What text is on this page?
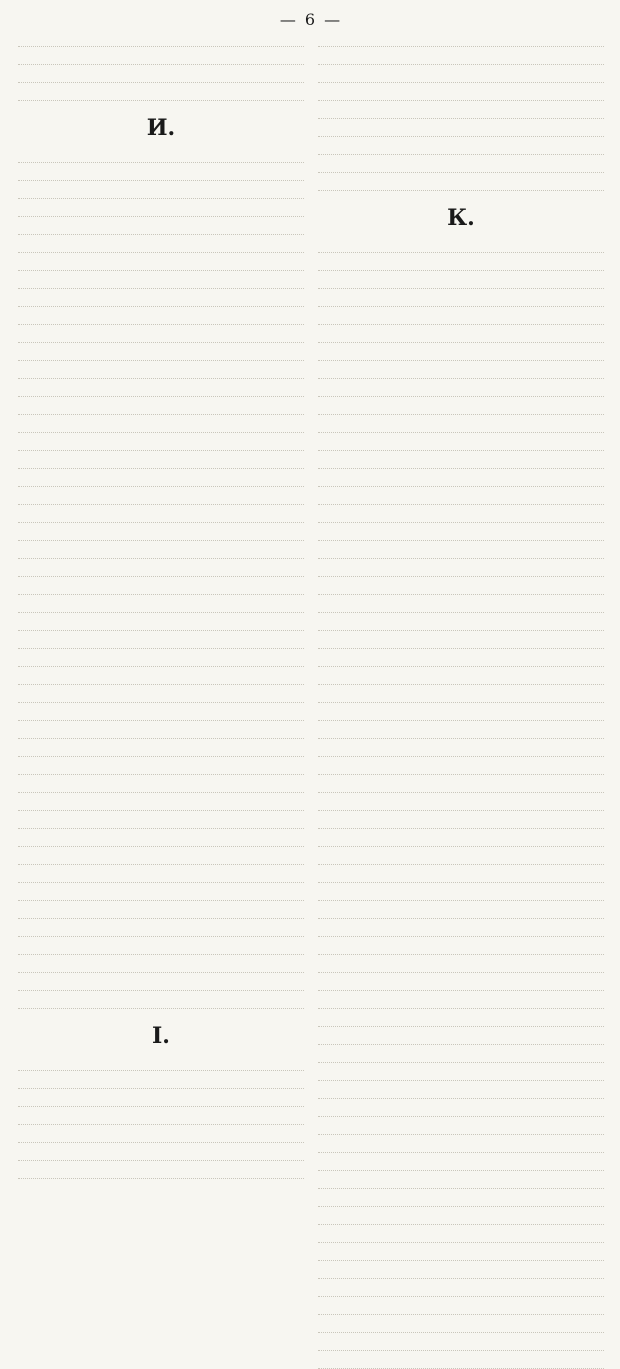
— 6 —
И.
I.
К.
